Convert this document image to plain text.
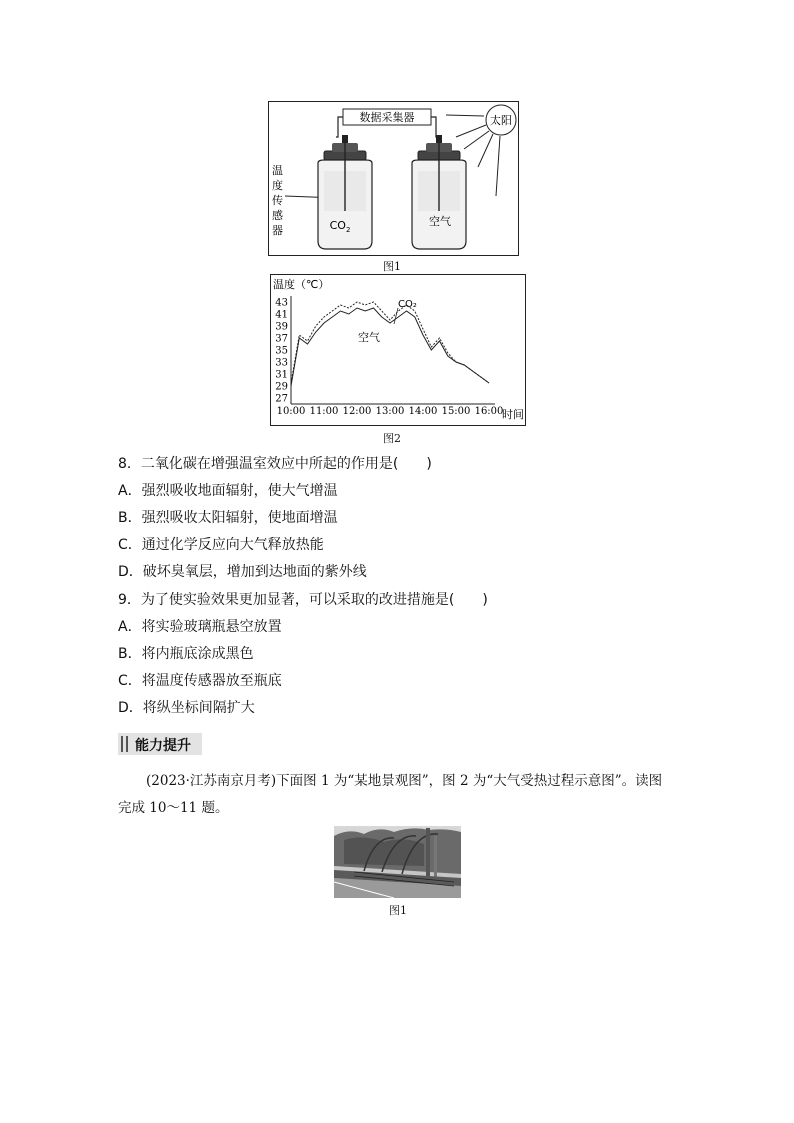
数据采集器	太阳
温
度
传
感
器	$CO_2$
空气
图1
温度（℃）
43
41
39
37
35
33
31
29
27
10:00 11:00 12:00 13:00 14:00 15:00 16:00
时间
CO₂
空气
图2
8．二氧化碳在增强温室效应中所起的作用是(　　)
A．强烈吸收地面辐射，使大气增温
B．强烈吸收太阳辐射，使地面增温
C．通过化学反应向大气释放热能
D．破坏臭氧层，增加到达地面的紫外线
9．为了使实验效果更加显著，可以采取的改进措施是(　　)
A．将实验玻璃瓶悬空放置
B．将内瓶底涂成黑色
C．将温度传感器放至瓶底
D．将纵坐标间隔扩大
能力提升
(2023·江苏南京月考)下面图 1 为“某地景观图”，图 2 为“大气受热过程示意图”。读图
完成 10～11 题。
图1
